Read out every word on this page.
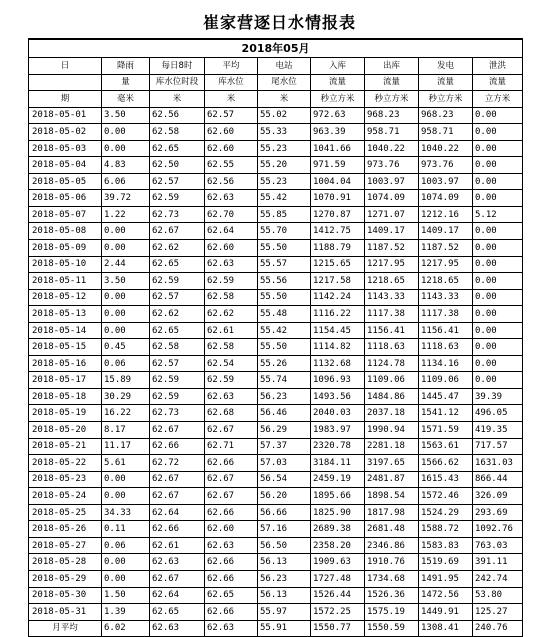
崔家营逐日水情报表
2018年05月								
日	降雨	每日8时	平均	电站	入库	出库	发电	泄洪
	量	库水位时段	库水位	尾水位	流量	流量	流量	流量
期	毫米	米	米	米	秒立方米	秒立方米	秒立方米	立方米
2018-05-01	3.50	62.56	62.57	55.02	972.63	968.23	968.23	0.00
2018-05-02	0.00	62.58	62.60	55.33	963.39	958.71	958.71	0.00
2018-05-03	0.00	62.65	62.60	55.23	1041.66	1040.22	1040.22	0.00
2018-05-04	4.83	62.50	62.55	55.20	971.59	973.76	973.76	0.00
2018-05-05	6.06	62.57	62.56	55.23	1004.04	1003.97	1003.97	0.00
2018-05-06	39.72	62.59	62.63	55.42	1070.91	1074.09	1074.09	0.00
2018-05-07	1.22	62.73	62.70	55.85	1270.87	1271.07	1212.16	5.12
2018-05-08	0.00	62.67	62.64	55.70	1412.75	1409.17	1409.17	0.00
2018-05-09	0.00	62.62	62.60	55.50	1188.79	1187.52	1187.52	0.00
2018-05-10	2.44	62.65	62.63	55.57	1215.65	1217.95	1217.95	0.00
2018-05-11	3.50	62.59	62.59	55.56	1217.58	1218.65	1218.65	0.00
2018-05-12	0.00	62.57	62.58	55.50	1142.24	1143.33	1143.33	0.00
2018-05-13	0.00	62.62	62.62	55.48	1116.22	1117.38	1117.38	0.00
2018-05-14	0.00	62.65	62.61	55.42	1154.45	1156.41	1156.41	0.00
2018-05-15	0.45	62.58	62.58	55.50	1114.82	1118.63	1118.63	0.00
2018-05-16	0.06	62.57	62.54	55.26	1132.68	1124.78	1134.16	0.00
2018-05-17	15.89	62.59	62.59	55.74	1096.93	1109.06	1109.06	0.00
2018-05-18	30.29	62.59	62.63	56.23	1493.56	1484.86	1445.47	39.39
2018-05-19	16.22	62.73	62.68	56.46	2040.03	2037.18	1541.12	496.05
2018-05-20	8.17	62.67	62.67	56.29	1983.97	1990.94	1571.59	419.35
2018-05-21	11.17	62.66	62.71	57.37	2320.78	2281.18	1563.61	717.57
2018-05-22	5.61	62.72	62.66	57.03	3184.11	3197.65	1566.62	1631.03
2018-05-23	0.00	62.67	62.67	56.54	2459.19	2481.87	1615.43	866.44
2018-05-24	0.00	62.67	62.67	56.20	1895.66	1898.54	1572.46	326.09
2018-05-25	34.33	62.64	62.66	56.66	1825.90	1817.98	1524.29	293.69
2018-05-26	0.11	62.66	62.60	57.16	2689.38	2681.48	1588.72	1092.76
2018-05-27	0.06	62.61	62.63	56.50	2358.20	2346.86	1583.83	763.03
2018-05-28	0.00	62.63	62.66	56.13	1909.63	1910.76	1519.69	391.11
2018-05-29	0.00	62.67	62.66	56.23	1727.48	1734.68	1491.95	242.74
2018-05-30	1.50	62.64	62.65	56.13	1526.44	1526.36	1472.56	53.80
2018-05-31	1.39	62.65	62.66	55.97	1572.25	1575.19	1449.91	125.27
月平均	6.02	62.63	62.63	55.91	1550.77	1550.59	1308.41	240.76
